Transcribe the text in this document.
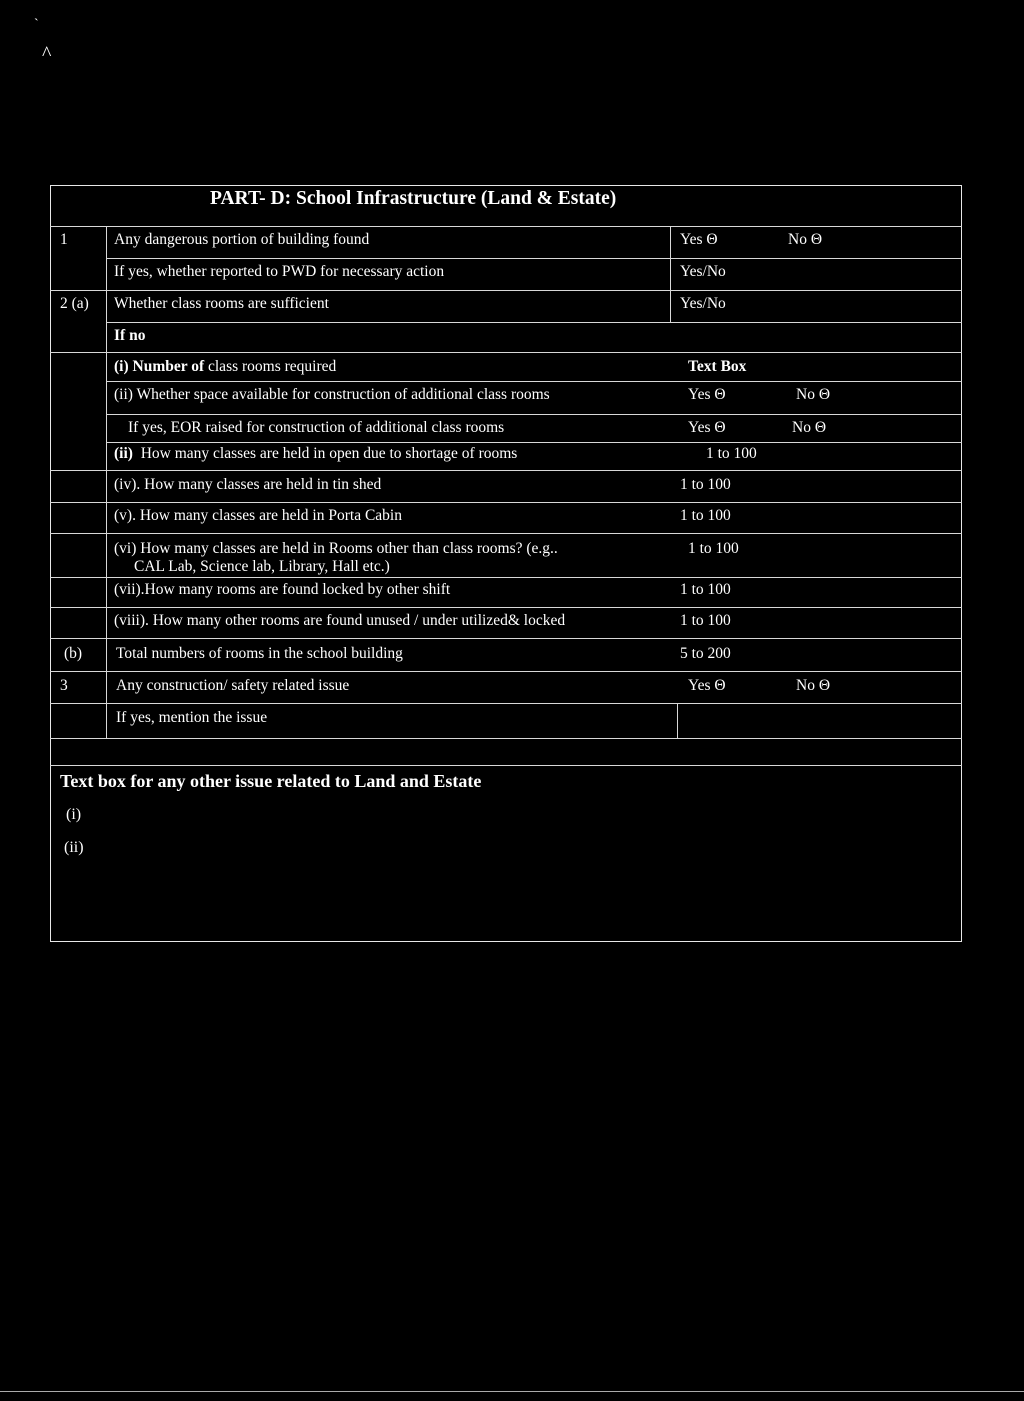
`
^
PART- D: School Infrastructure (Land & Estate)
1	Any dangerous portion of building found	Yes Θ	No Θ
If yes, whether reported to PWD for necessary action	Yes/No
2 (a) Whether class rooms are sufficient	Yes/No
If no
(i) Number of class rooms required	Text Box
(ii) Whether space available for construction of additional class rooms	Yes Θ	No Θ
If yes, EOR raised for construction of additional class rooms	Yes Θ	No Θ
(ii) How many classes are held in open due to shortage of rooms	1 to 100
(iv). How many classes are held in tin shed	1 to 100
(v). How many classes are held in Porta Cabin	1 to 100
(vi) How many classes are held in Rooms other than class rooms? (e.g..
CAL Lab, Science lab, Library, Hall etc.)
1 to 100
(vii).How many rooms are found locked by other shift	1 to 100
(viii). How many other rooms are found unused / under utilized& locked	1 to 100
(b) Total numbers of rooms in the school building	5 to 200
3	Any construction/ safety related issue	Yes Θ	No Θ
If yes, mention the issue
Text box for any other issue related to Land and Estate
(i)
(ii)
